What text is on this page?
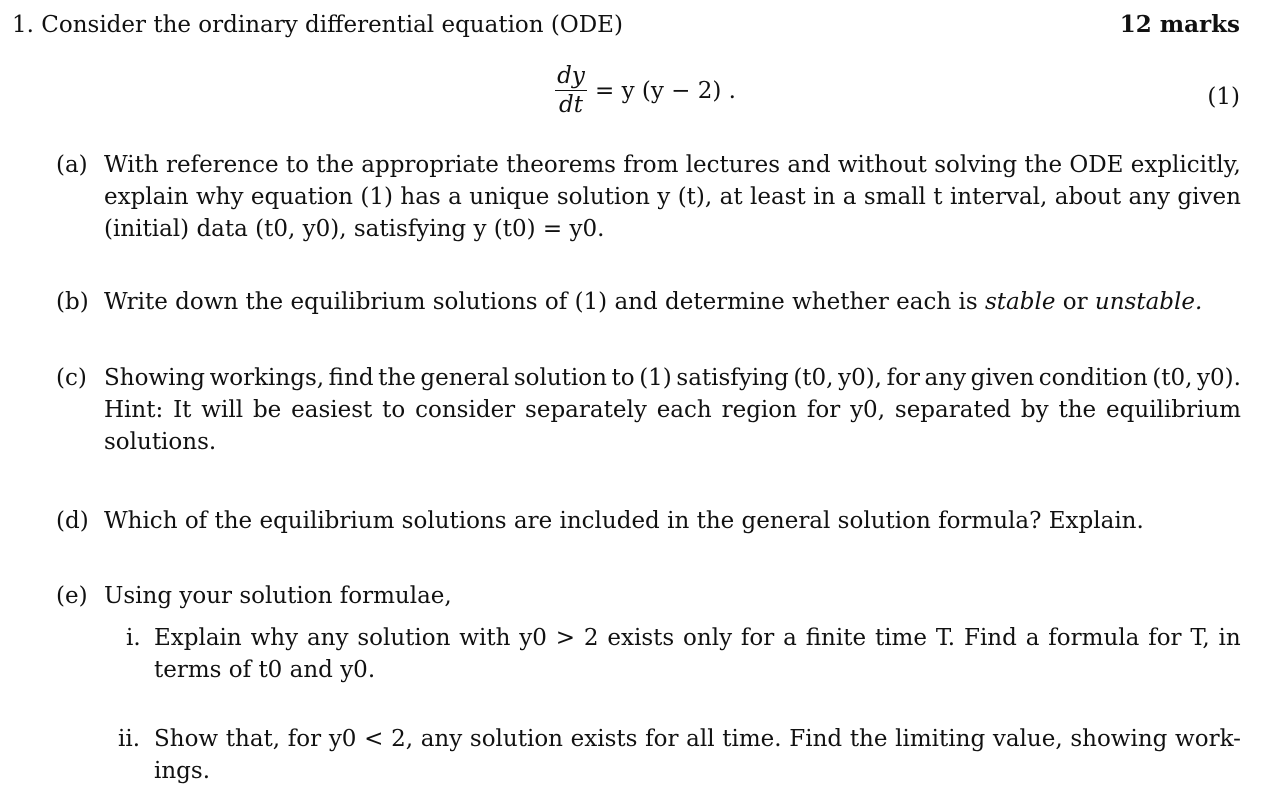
1. Consider the ordinary differential equation (ODE)	12 marks
$\frac{dy}{dt} = y$ (y − 2) .	(1)
(a) With reference to the appropriate theorems from lectures and without solving the ODE explicitly,
explain why equation (1) has a unique solution y (t), at least in a small t interval, about any given
(initial) data (t0, y0), satisfying y (t0) = y0.
(b) Write down the equilibrium solutions of (1) and determine whether each is stable or unstable.
(c) Showing workings, find the general solution to (1) satisfying (t0, y0), for any given condition (t0, y0).
Hint: It will be easiest to consider separately each region for y0, separated by the equilibrium
solutions.
(d) Which of the equilibrium solutions are included in the general solution formula? Explain.
(e) Using your solution formulae,
i. Explain why any solution with y0 > 2 exists only for a finite time T. Find a formula for T, in
terms of t0 and y0.
ii. Show that, for y0 < 2, any solution exists for all time. Find the limiting value, showing work-
ings.
